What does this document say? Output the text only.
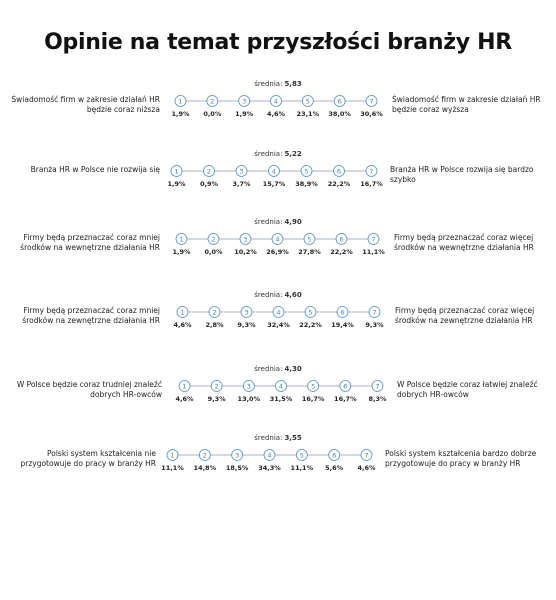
Opinie na temat przyszłości branży HR
średnia: 5,83
Świadomość firm w zakresie działań HR będzie coraz niższa
Świadomość firm w zakresie działań HR będzie coraz wyższa
1
1,9%
2
0,0%
3
1,9%
4
4,6%
5
23,1%
6
38,0%
7
30,6%
średnia: 5,22
Branża HR w Polsce nie rozwija się	Branża HR w Polsce rozwija się bardzo szybko
1
1,9%
2
0,9%
3
3,7%
4
15,7%
5
38,9%
6
22,2%
7
16,7%
średnia: 4,90
Firmy będą przeznaczać coraz mniej środków na wewnętrzne działania HR
Firmy będą przeznaczać coraz więcej środków na wewnętrzne działania HR
1
1,9%
2
0,0%
3
10,2%
4
26,9%
5
27,8%
6
22,2%
7
11,1%
średnia: 4,60
Firmy będą przeznaczać coraz mniej środków na zewnętrzne działania HR
Firmy będą przeznaczać coraz więcej środków na zewnętrzne działania HR
1
4,6%
2
2,8%
3
9,3%
4
32,4%
5
22,2%
6
19,4%
7
9,3%
średnia: 4,30
W Polsce będzie coraz trudniej znaleźć dobrych HR-owców
W Polsce będzie coraz łatwiej znaleźć dobrych HR-owców
1
4,6%
2
9,3%
3
13,0%
4
31,5%
5
16,7%
6
16,7%
7
8,3%
średnia: 3,55
Polski system kształcenia nie przygotowuje do pracy w branży HR
Polski system kształcenia bardzo dobrze przygotowuje do pracy w branży HR
1
11,1%
2
14,8%
3
18,5%
4
34,3%
5
11,1%
6
5,6%
7
4,6%
